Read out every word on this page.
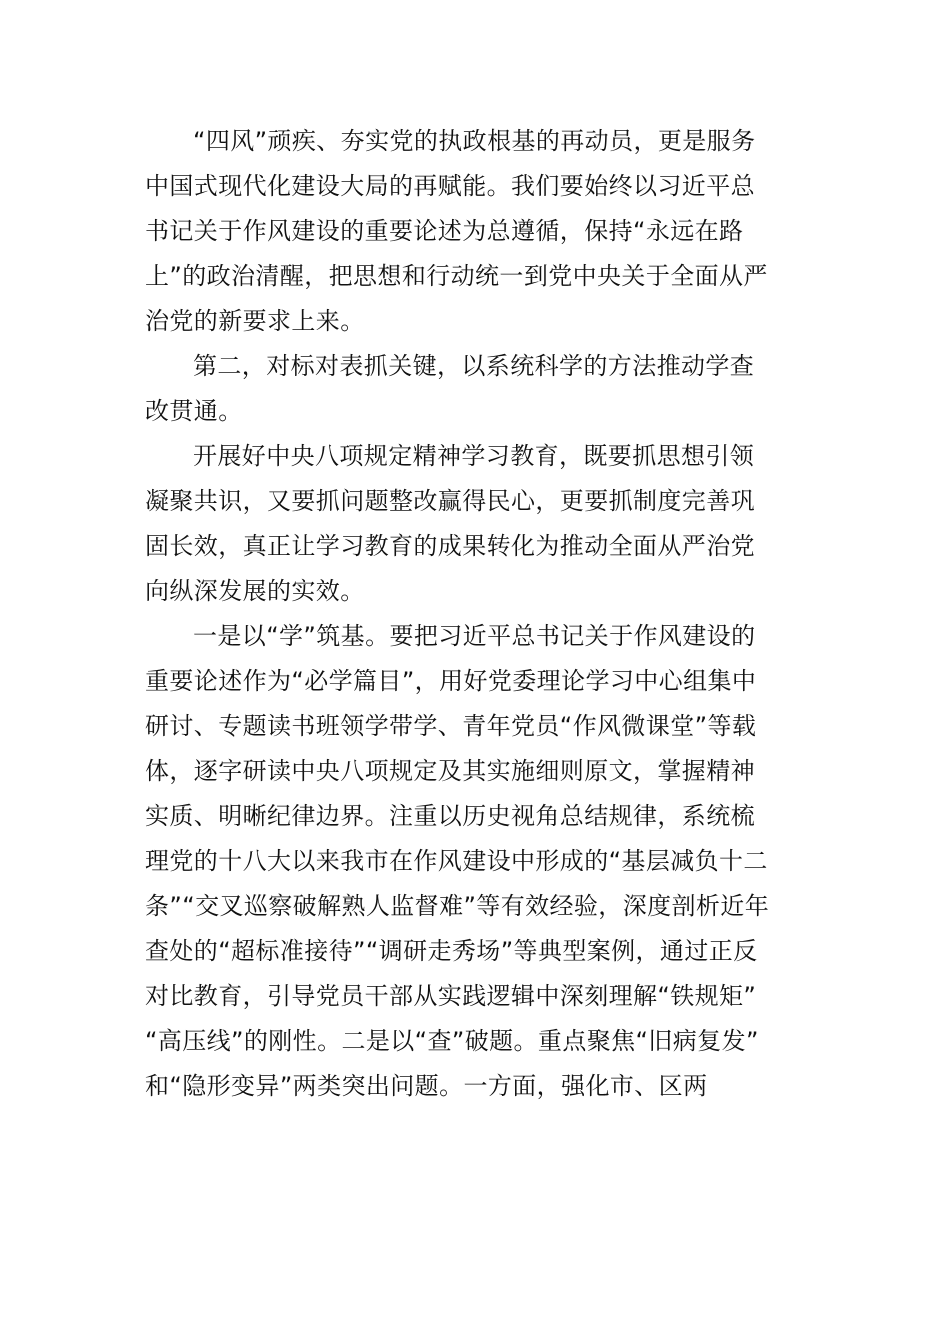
“四风”顽疾、夯实党的执政根基的再动员，更是服务
中国式现代化建设大局的再赋能。我们要始终以习近平总
书记关于作风建设的重要论述为总遵循，保持“永远在路
上”的政治清醒，把思想和行动统一到党中央关于全面从严
治党的新要求上来。
第二，对标对表抓关键，以系统科学的方法推动学查
改贯通。
开展好中央八项规定精神学习教育，既要抓思想引领
凝聚共识，又要抓问题整改赢得民心，更要抓制度完善巩
固长效，真正让学习教育的成果转化为推动全面从严治党
向纵深发展的实效。
一是以“学”筑基。要把习近平总书记关于作风建设的
重要论述作为“必学篇目”，用好党委理论学习中心组集中
研讨、专题读书班领学带学、青年党员“作风微课堂”等载
体，逐字研读中央八项规定及其实施细则原文，掌握精神
实质、明晰纪律边界。注重以历史视角总结规律，系统梳
理党的十八大以来我市在作风建设中形成的“基层减负十二
条”“交叉巡察破解熟人监督难”等有效经验，深度剖析近年
查处的“超标准接待”“调研走秀场”等典型案例，通过正反
对比教育，引导党员干部从实践逻辑中深刻理解“铁规矩”
“高压线”的刚性。二是以“查”破题。重点聚焦“旧病复发”
和“隐形变异”两类突出问题。一方面，强化市、区两
